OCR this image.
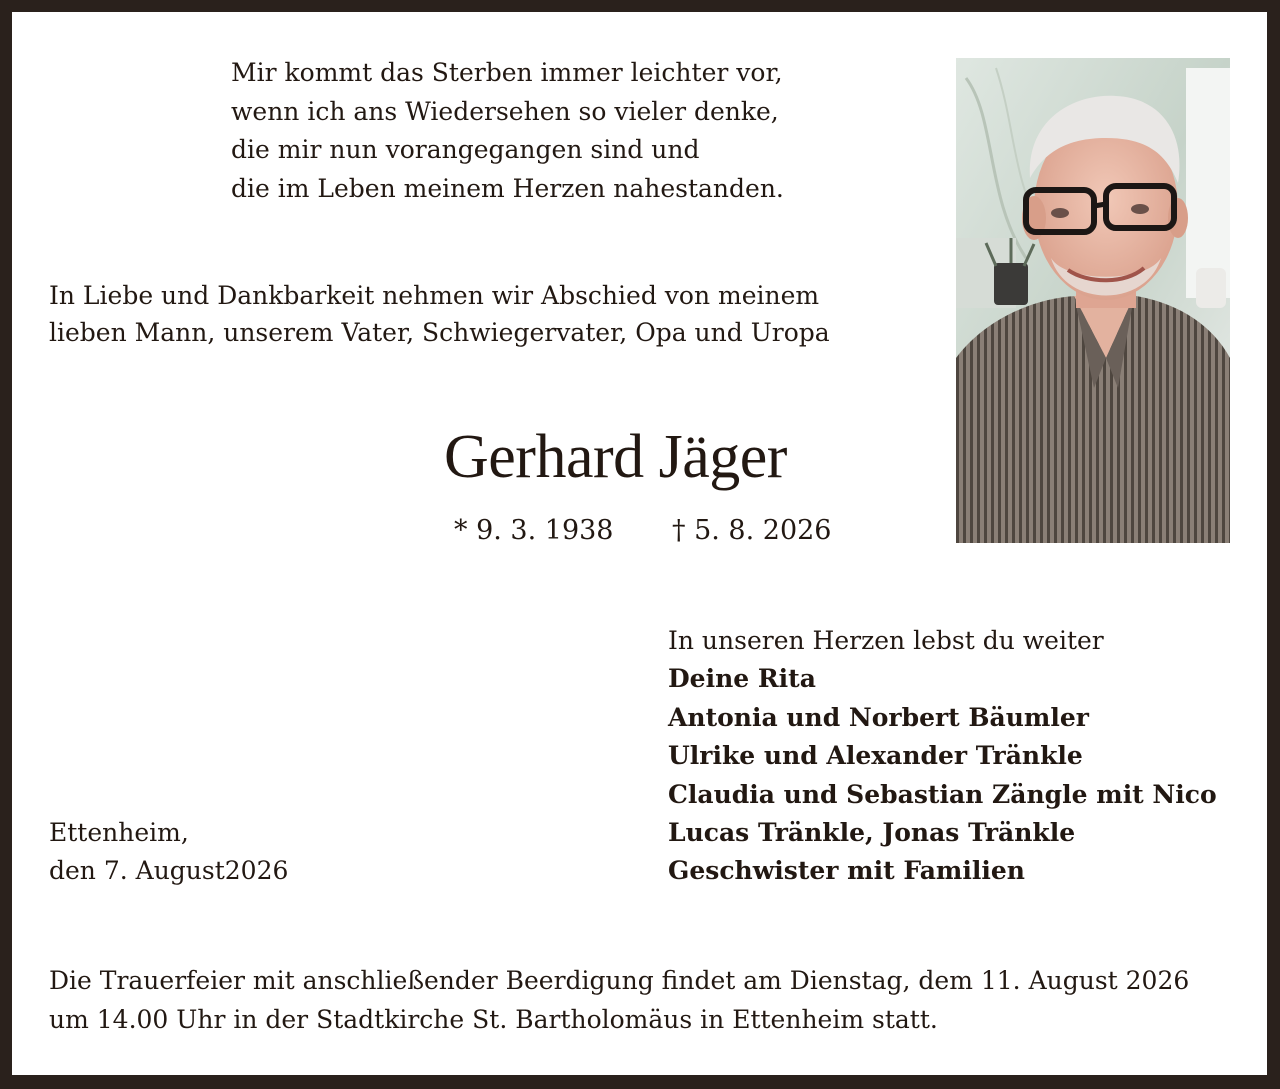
Mir kommt das Sterben immer leichter vor,
wenn ich ans Wiedersehen so vieler denke,
die mir nun vorangegangen sind und
die im Leben meinem Herzen nahestanden.
In Liebe und Dankbarkeit nehmen wir Abschied von meinem
lieben Mann, unserem Vater, Schwiegervater, Opa und Uropa
Gerhard Jäger
* 9. 3. 1938 † 5. 8. 2026
In unseren Herzen lebst du weiter
Deine Rita
Antonia und Norbert Bäumler
Ulrike und Alexander Tränkle
Claudia und Sebastian Zängle mit Nico
Lucas Tränkle, Jonas Tränkle
Geschwister mit Familien
Ettenheim,
den 7. August2026
Die Trauerfeier mit anschließender Beerdigung findet am Dienstag, dem 11. August 2026
um 14.00 Uhr in der Stadtkirche St. Bartholomäus in Ettenheim statt.
